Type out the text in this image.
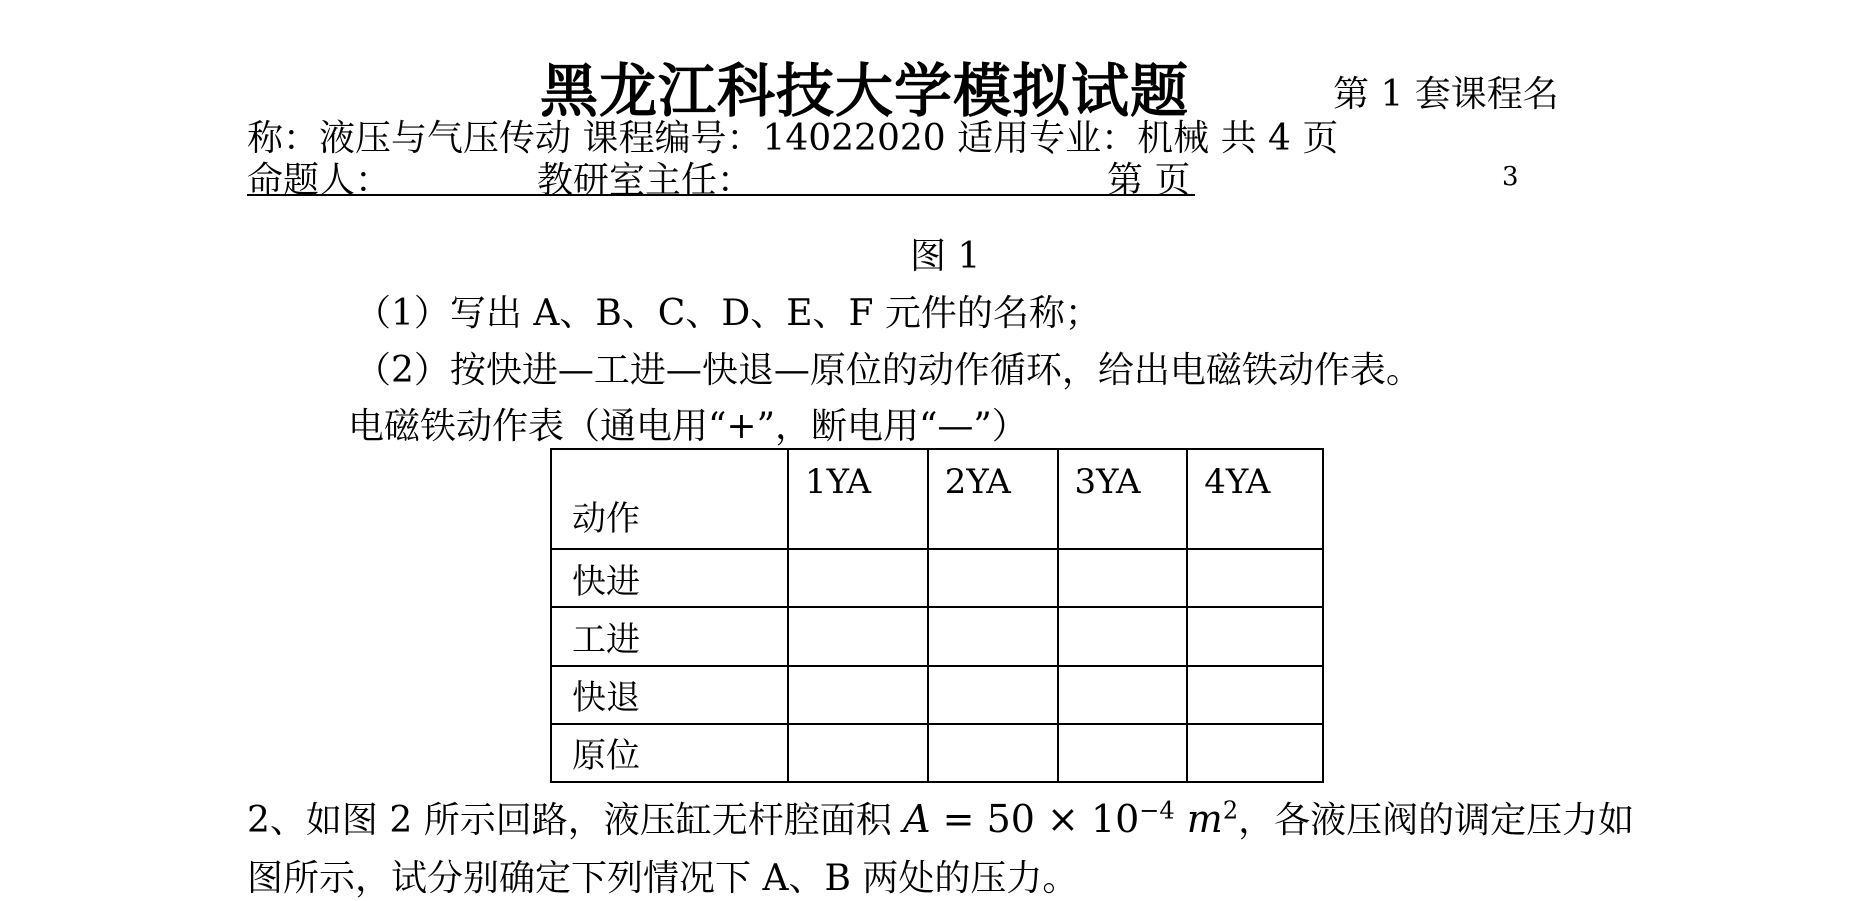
黑龙江科技大学模拟试题	第 1 套课程名
称：液压与气压传动 课程编号：14022020 适用专业：机械 共 4 页
命题人：	教研室主任：	第 页	3
图 1
（1）写出 A、B、C、D、E、F 元件的名称；
（2）按快进—工进—快退—原位的动作循环，给出电磁铁动作表。
电磁铁动作表（通电用“+”，断电用“—”）
动作	1YA	2YA	3YA	4YA
快进				
工进				
快退				
原位				
2、如图 2 所示回路，液压缸无杆腔面积 $A = 50 \times 10^{-4}$ $m^2$，各液压阀的调定压力如
图所示，试分别确定下列情况下 A、B 两处的压力。
